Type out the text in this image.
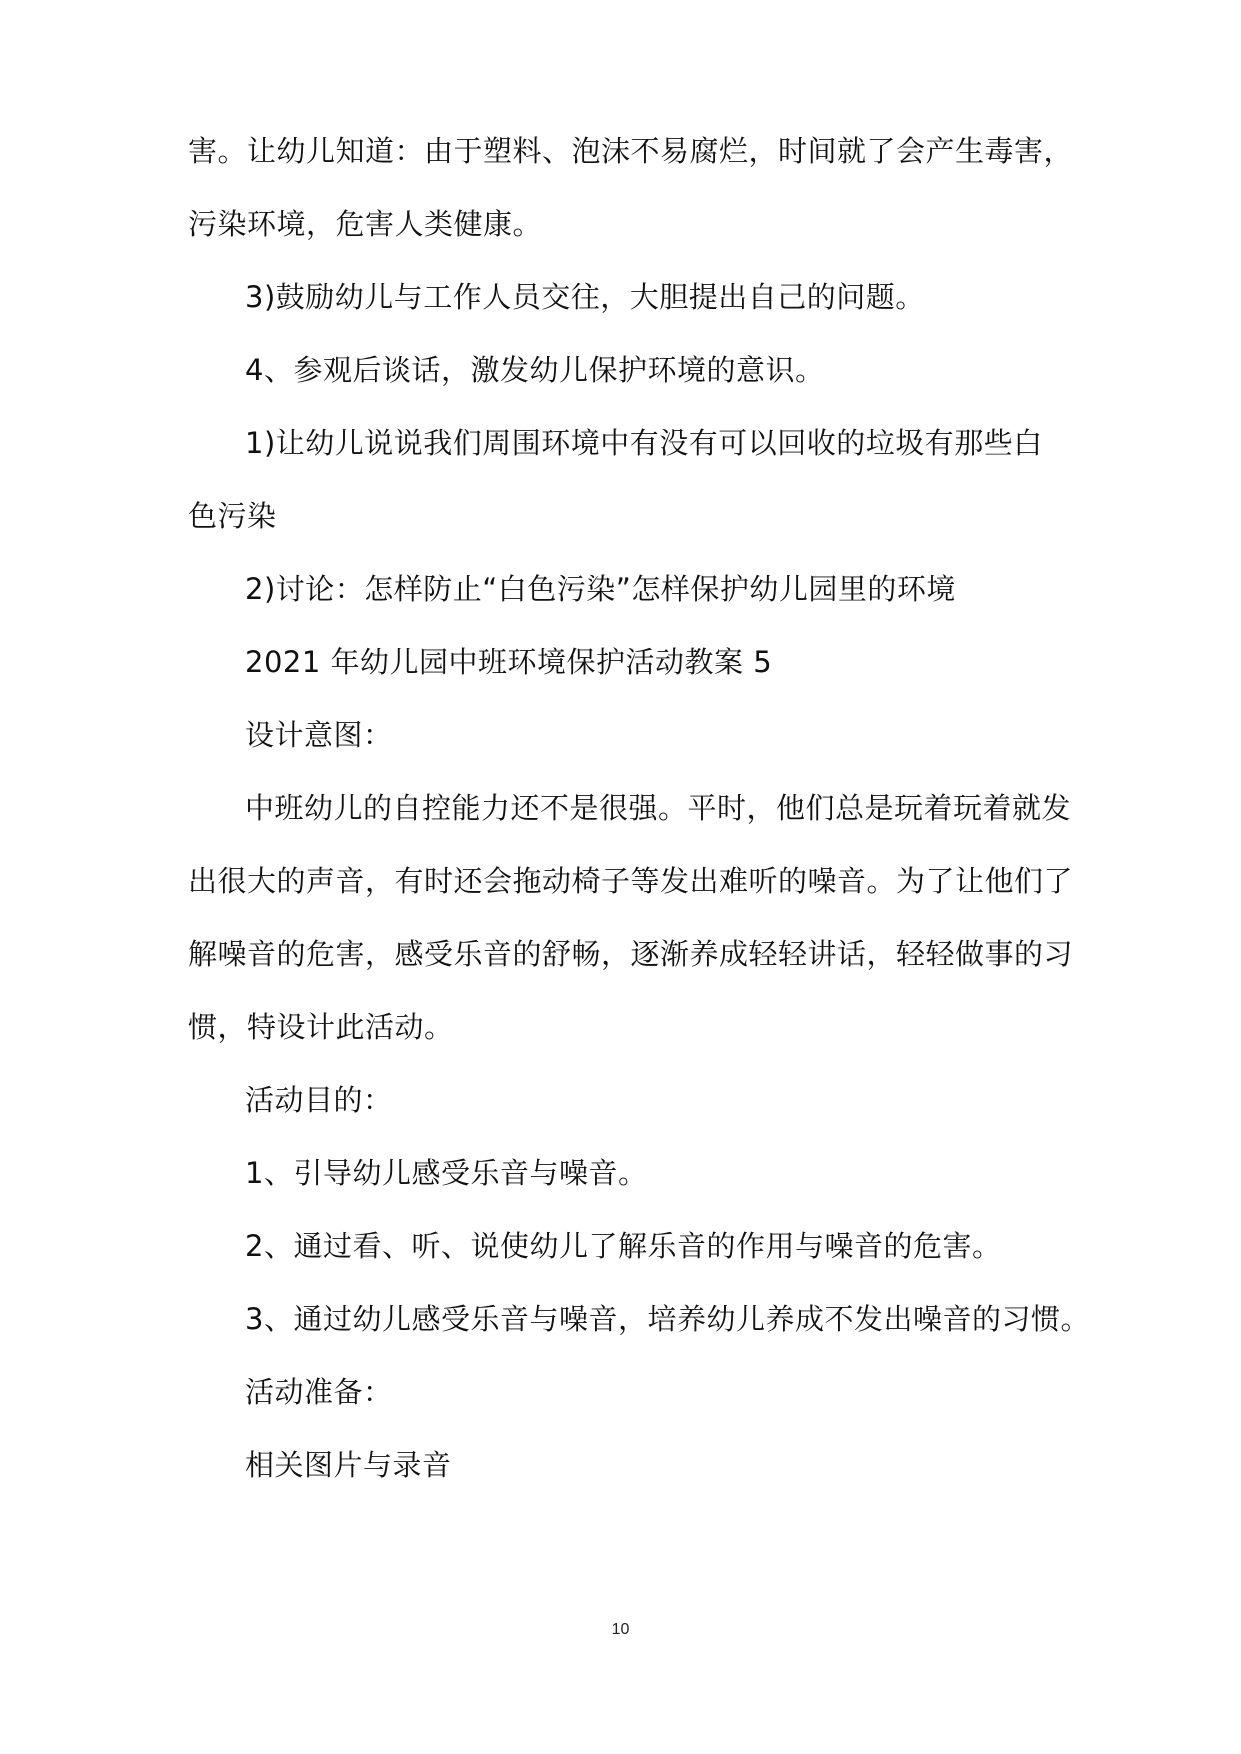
害。让幼儿知道：由于塑料、泡沫不易腐烂，时间就了会产生毒害，
污染环境，危害人类健康。
3)鼓励幼儿与工作人员交往，大胆提出自己的问题。
4、参观后谈话，激发幼儿保护环境的意识。
1)让幼儿说说我们周围环境中有没有可以回收的垃圾有那些白
色污染
2)讨论：怎样防止“白色污染”怎样保护幼儿园里的环境
2021 年幼儿园中班环境保护活动教案 5
设计意图：
中班幼儿的自控能力还不是很强。平时，他们总是玩着玩着就发
出很大的声音，有时还会拖动椅子等发出难听的噪音。为了让他们了
解噪音的危害，感受乐音的舒畅，逐渐养成轻轻讲话，轻轻做事的习
惯，特设计此活动。
活动目的：
1、引导幼儿感受乐音与噪音。
2、通过看、听、说使幼儿了解乐音的作用与噪音的危害。
3、通过幼儿感受乐音与噪音，培养幼儿养成不发出噪音的习惯。
活动准备：
相关图片与录音
10
